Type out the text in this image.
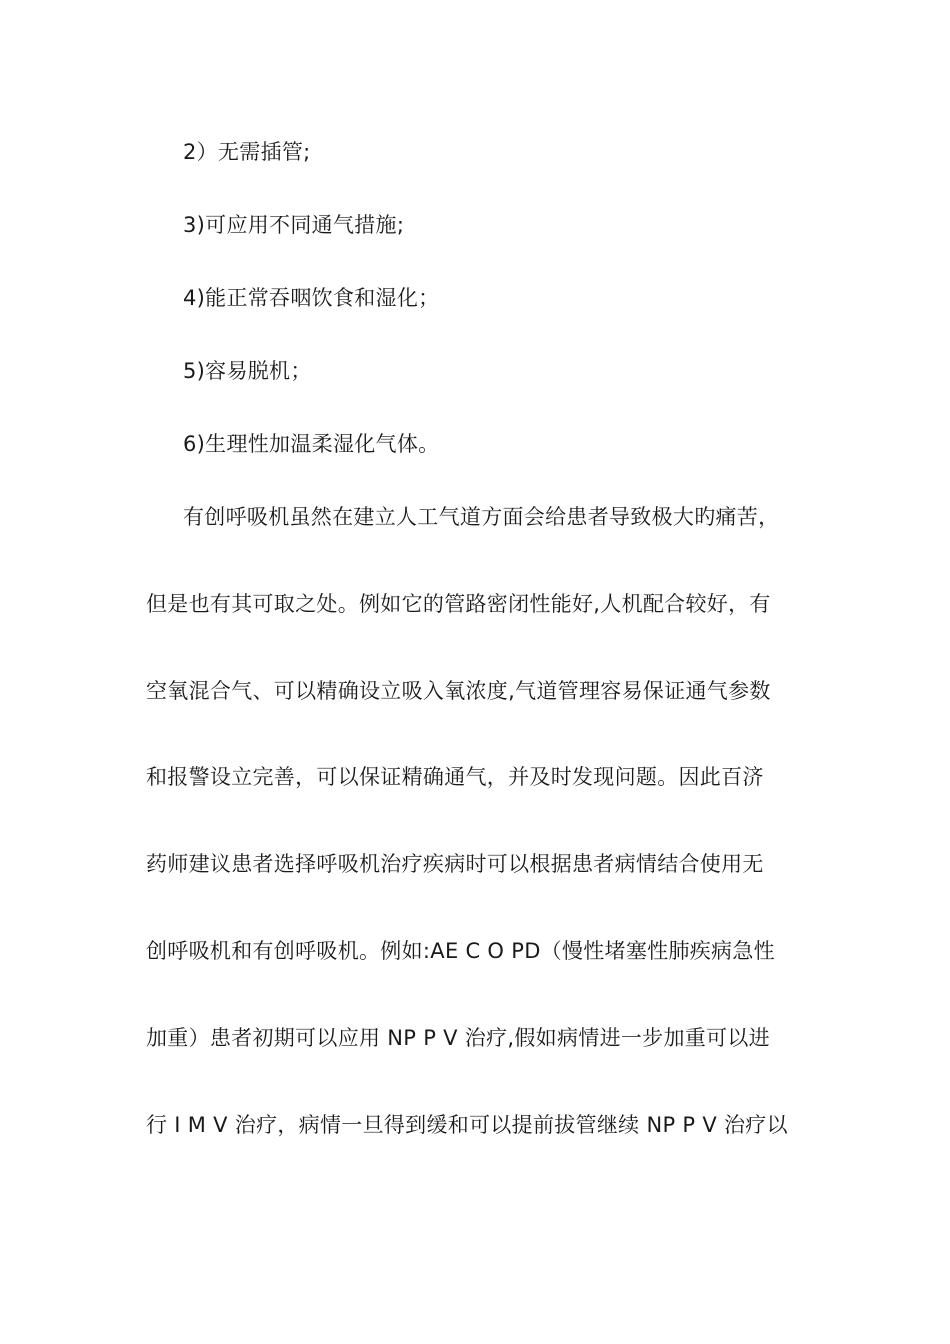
2）无需插管;
3)可应用不同通气措施;
4)能正常吞咽饮食和湿化；
5)容易脱机；
6)生理性加温柔湿化气体。
有创呼吸机虽然在建立人工气道方面会给患者导致极大旳痛苦，
但是也有其可取之处。例如它的管路密闭性能好,人机配合较好，有
空氧混合气、可以精确设立吸入氧浓度,气道管理容易保证通气参数
和报警设立完善，可以保证精确通气，并及时发现问题。因此百济
药师建议患者选择呼吸机治疗疾病时可以根据患者病情结合使用无
创呼吸机和有创呼吸机。例如:AE C O PD（慢性堵塞性肺疾病急性
加重）患者初期可以应用 NP P V 治疗,假如病情进一步加重可以进
行 I M V 治疗，病情一旦得到缓和可以提前拔管继续 NP P V 治疗以
